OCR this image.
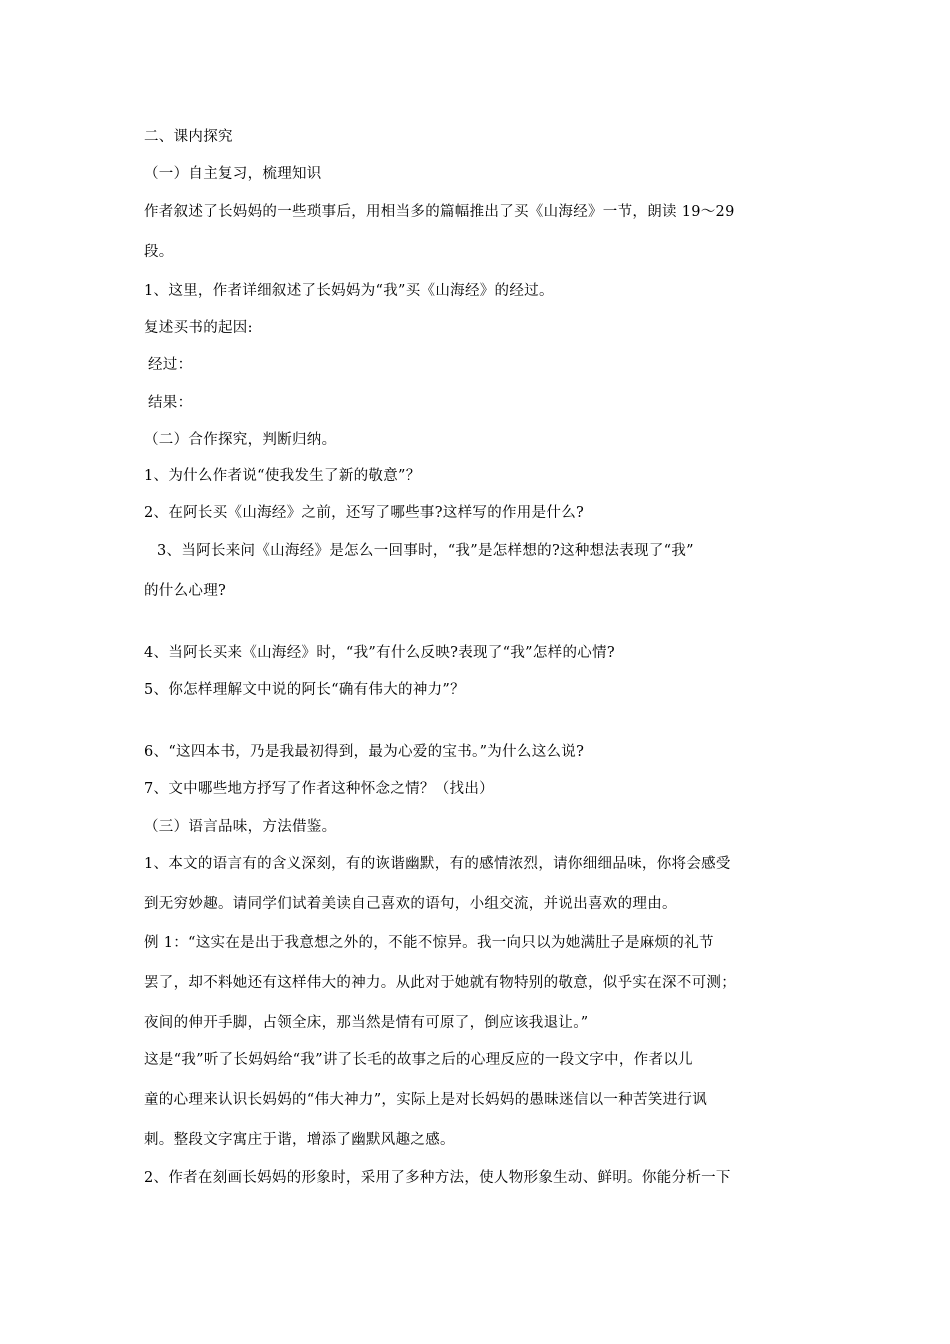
二、课内探究
（一）自主复习，梳理知识
作者叙述了长妈妈的一些琐事后，用相当多的篇幅推出了买《山海经》一节，朗读 19～29
段。
1、这里，作者详细叙述了长妈妈为“我”买《山海经》的经过。
复述买书的起因:
经过：
结果：
（二）合作探究，判断归纳。
1、为什么作者说“使我发生了新的敬意”？
2、在阿长买《山海经》之前，还写了哪些事?这样写的作用是什么?
3、当阿长来问《山海经》是怎么一回事时，“我”是怎样想的?这种想法表现了“我”
的什么心理?
4、当阿长买来《山海经》时，“我”有什么反映?表现了“我”怎样的心情?
5、你怎样理解文中说的阿长“确有伟大的神力”？
6、“这四本书，乃是我最初得到，最为心爱的宝书。”为什么这么说?
7、文中哪些地方抒写了作者这种怀念之情？（找出）
（三）语言品味，方法借鉴。
1、本文的语言有的含义深刻，有的诙谐幽默，有的感情浓烈，请你细细品味，你将会感受
到无穷妙趣。请同学们试着美读自己喜欢的语句，小组交流，并说出喜欢的理由。
例 1：“这实在是出于我意想之外的，不能不惊异。我一向只以为她满肚子是麻烦的礼节
罢了，却不料她还有这样伟大的神力。从此对于她就有物特别的敬意，似乎实在深不可测；
夜间的伸开手脚，占领全床，那当然是情有可原了，倒应该我退让。”
这是“我”听了长妈妈给“我”讲了长毛的故事之后的心理反应的一段文字中，作者以儿
童的心理来认识长妈妈的“伟大神力”，实际上是对长妈妈的愚昧迷信以一种苦笑进行讽
刺。整段文字寓庄于谐，增添了幽默风趣之感。
2、作者在刻画长妈妈的形象时，采用了多种方法，使人物形象生动、鲜明。你能分析一下
